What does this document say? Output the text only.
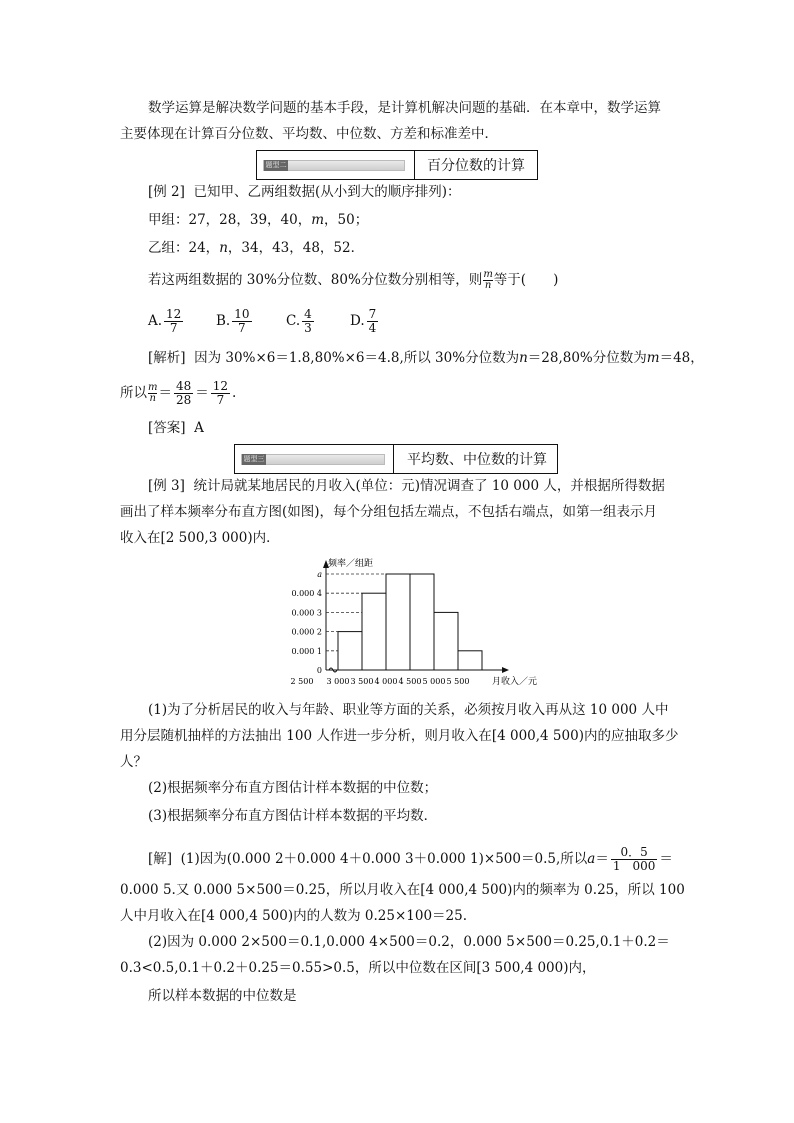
数学运算是解决数学问题的基本手段，是计算机解决问题的基础．在本章中，数学运算
主要体现在计算百分位数、平均数、中位数、方差和标准差中．
题型二	百分位数的计算
[例 2] 已知甲、乙两组数据(从小到大的顺序排列)：
甲组：27，28，39，40，m，50；
乙组：24，n，34，43，48，52．
若这两组数据的 30%分位数、80%分位数分别相等，则 $\frac{m}{n}$等于(　　)
A. $\frac{12}{7} B$. $\frac{10}{7}$	C. $\frac{4}{3}$	D. $\frac{7}{4}$
[解析] 因为 30%×6＝1.8,80%×6＝4.8,所以 30%分位数为n＝28,80%分位数为m＝48，
所以 $\frac{m}{n}= \frac{48}{28} = \frac{12}{7}$ .
[答案] A
题型三	平均数、中位数的计算
[例 3] 统计局就某地居民的月收入(单位：元)情况调查了 10 000 人，并根据所得数据
画出了样本频率分布直方图(如图)，每个分组包括左端点，不包括右端点，如第一组表示月
收入在[2 500,3 000)内．
频率／组距
0
0.000 1
0.000 2
0.000 3
0.000 4
a
2 500 3 000 3 500 4 000 4 500 5 000 5 500	月收入／元
(1)为了分析居民的收入与年龄、职业等方面的关系，必须按月收入再从这 10 000 人中
用分层随机抽样的方法抽出 100 人作进一步分析，则月收入在[4 000,4 500)内的应抽取多少
人？
(2)根据频率分布直方图估计样本数据的中位数；
(3)根据频率分布直方图估计样本数据的平均数．
[解] (1)因为(0.000 2＋0.000 4＋0.000 3＋0.000 1)×500＝0.5,所以$a= \frac{0.5}{1 000}$ ＝
0.000 5.又 0.000 5×500＝0.25，所以月收入在[4 000,4 500)内的频率为 0.25，所以 100
人中月收入在[4 000,4 500)内的人数为 0.25×100＝25.
(2)因为 0.000 2×500＝0.1,0.000 4×500＝0.2，0.000 5×500＝0.25,0.1＋0.2＝
0.3<0.5,0.1＋0.2＋0.25＝0.55>0.5，所以中位数在区间[3 500,4 000)内，
所以样本数据的中位数是
